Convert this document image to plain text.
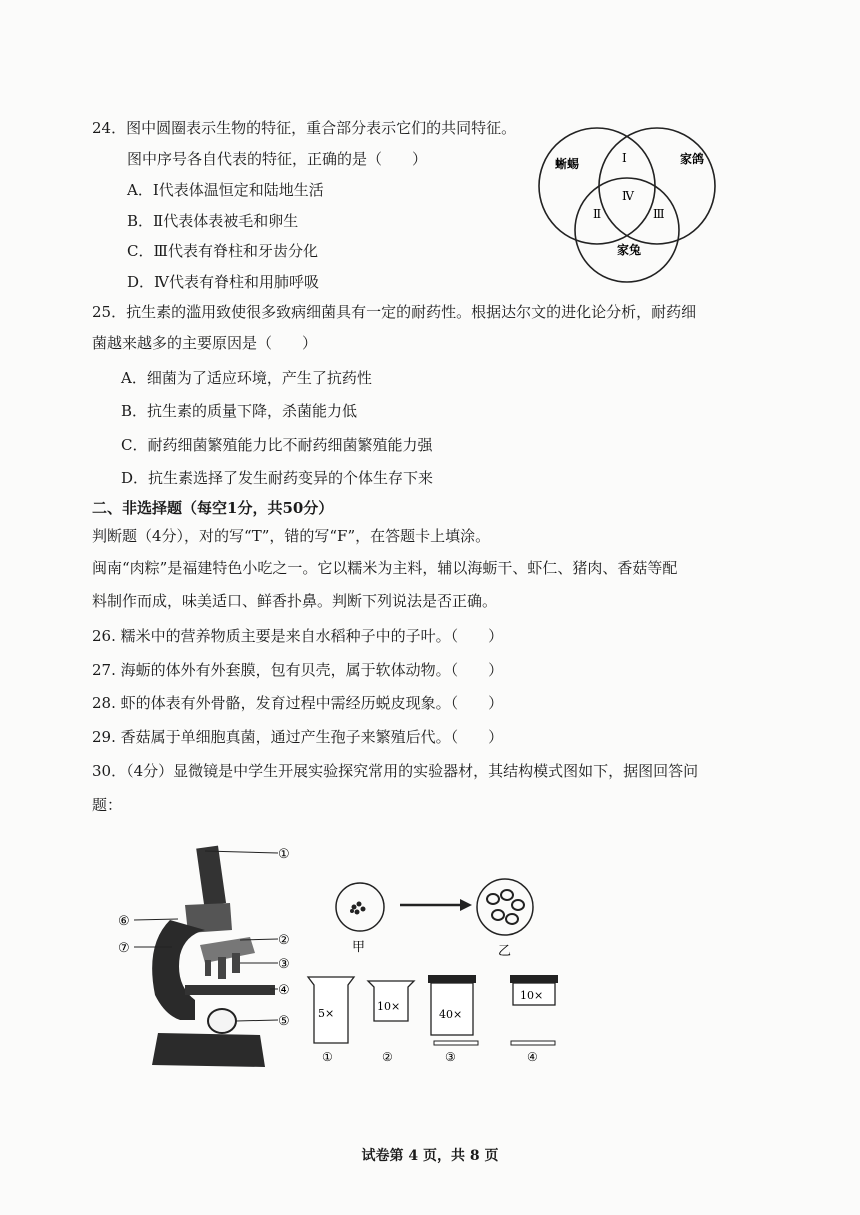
24．图中圆圈表示生物的特征，重合部分表示它们的共同特征。
图中序号各自代表的特征，正确的是（　　）
A．Ⅰ代表体温恒定和陆地生活
B．Ⅱ代表体表被毛和卵生
C．Ⅲ代表有脊柱和牙齿分化
D．Ⅳ代表有脊柱和用肺呼吸
蜥蜴	家鸽
家兔
Ⅰ
Ⅱ	Ⅲ
Ⅳ
25．抗生素的滥用致使很多致病细菌具有一定的耐药性。根据达尔文的进化论分析，耐药细
菌越来越多的主要原因是（　　）
A．细菌为了适应环境，产生了抗药性
B．抗生素的质量下降，杀菌能力低
C．耐药细菌繁殖能力比不耐药细菌繁殖能力强
D．抗生素选择了发生耐药变异的个体生存下来
二、非选择题（每空1分，共50分）
判断题（4分），对的写“T”，错的写“F”，在答题卡上填涂。
闽南“肉粽”是福建特色小吃之一。它以糯米为主料，辅以海蛎干、虾仁、猪肉、香菇等配
料制作而成，味美适口、鲜香扑鼻。判断下列说法是否正确。
26. 糯米中的营养物质主要是来自水稻种子中的子叶。（　　）
27. 海蛎的体外有外套膜，包有贝壳，属于软体动物。（　　）
28. 虾的体表有外骨骼，发育过程中需经历蜕皮现象。（　　）
29. 香菇属于单细胞真菌，通过产生孢子来繁殖后代。（　　）
30．（4分）显微镜是中学生开展实验探究常用的实验器材，其结构模式图如下，据图回答问
题：
①
②
③
④
⑤
⑥
⑦	甲	乙
5×
①
10×
②
40×
③
10×
④
试卷第 4 页，共 8 页
